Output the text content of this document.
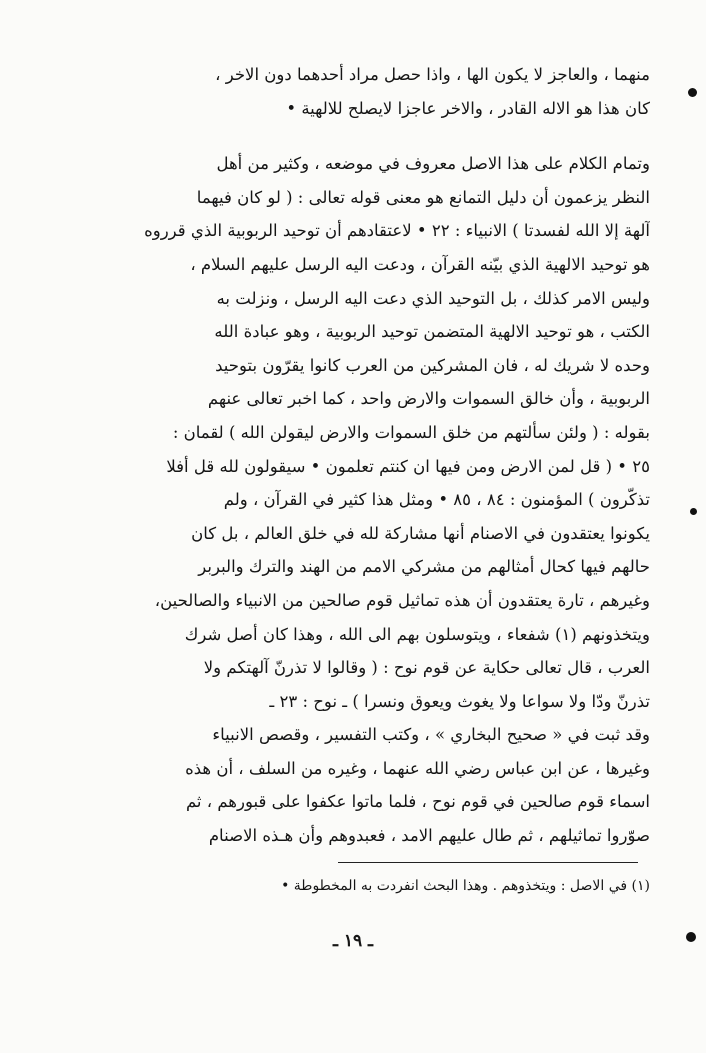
منهما ، والعاجز لا يكون الها ، واذا حصل مراد أحدهما دون الاخر ،
كان هذا هو الاله القادر ، والاخر عاجزا لايصلح للالهية •
وتمام الكلام على هذا الاصل معروف في موضعه ، وكثير من أهل
النظر يزعمون أن دليل التمانع هو معنى قوله تعالى : ( لو كان فيهما
آلهة إلا الله لفسدتا ) الانبياء : ٢٢ • لاعتقادهم أن توحيد الربوبية الذي قرروه
هو توحيد الالهية الذي بيّنه القرآن ، ودعت اليه الرسل عليهم السلام ،
وليس الامر كذلك ، بل التوحيد الذي دعت اليه الرسل ، ونزلت به
الكتب ، هو توحيد الالهية المتضمن توحيد الربوبية ، وهو عبادة الله
وحده لا شريك له ، فان المشركين من العرب كانوا يقرّون بتوحيد
الربوبية ، وأن خالق السموات والارض واحد ، كما اخبر تعالى عنهم
بقوله : ( ولئن سألتهم من خلق السموات والارض ليقولن الله ) لقمان :
٢٥ • ( قل لمن الارض ومن فيها ان كنتم تعلمون • سيقولون لله قل أفلا
تذكّرون ) المؤمنون : ٨٤ ، ٨٥ • ومثل هذا كثير في القرآن ، ولم
يكونوا يعتقدون في الاصنام أنها مشاركة لله في خلق العالم ، بل كان
حالهم فيها كحال أمثالهم من مشركي الامم من الهند والترك والبربر
وغيرهم ، تارة يعتقدون أن هذه تماثيل قوم صالحين من الانبياء والصالحين،
ويتخذونهم (١) شفعاء ، ويتوسلون بهم الى الله ، وهذا كان أصل شرك
العرب ، قال تعالى حكاية عن قوم نوح : ( وقالوا لا تذرنّ آلهتكم ولا
تذرنّ ودّا ولا سواعا ولا يغوث ويعوق ونسرا ) ـ نوح : ٢٣ ـ
وقد ثبت في « صحيح البخاري » ، وكتب التفسير ، وقصص الانبياء
وغيرها ، عن ابن عباس رضي الله عنهما ، وغيره من السلف ، أن هذه
اسماء قوم صالحين في قوم نوح ، فلما ماتوا عكفوا على قبورهم ، ثم
صوّروا تماثيلهم ، ثم طال عليهم الامد ، فعبدوهم وأن هـذه الاصنام
(١) في الاصل : ويتخذوهم . وهذا البحث انفردت به المخطوطة •
ـ ١٩ ـ
